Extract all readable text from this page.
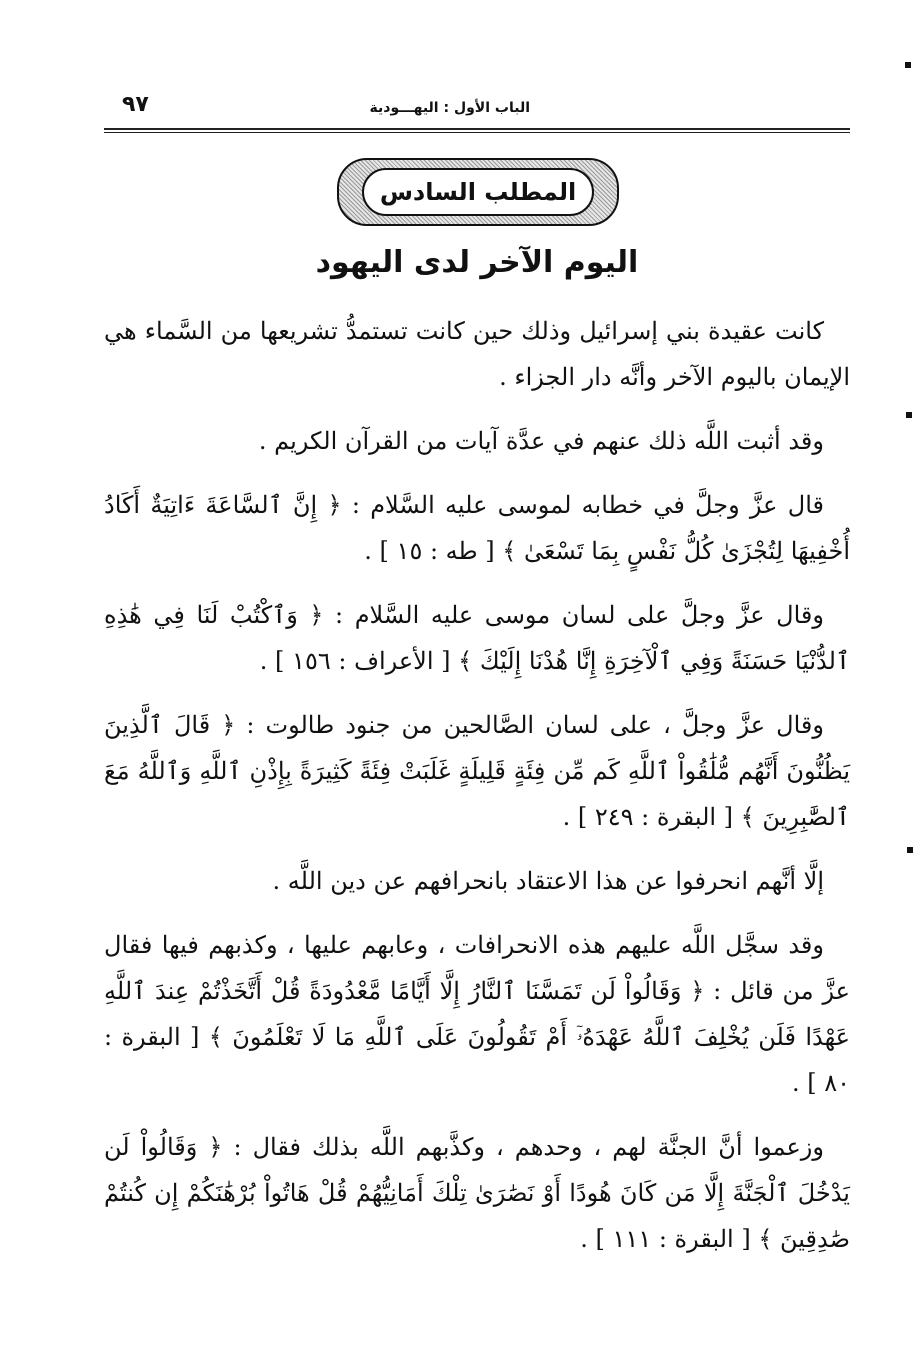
الباب الأول : اليهـــودية
٩٧
المطلب السادس
اليوم الآخر لدى اليهود

كانت عقيدة بني إسرائيل وذلك حين كانت تستمدُّ تشريعها من السَّماء هي الإيمان باليوم الآخر وأنَّه دار الجزاء .

وقد أثبت اللَّه ذلك عنهم في عدَّة آيات من القرآن الكريم .

قال عزَّ وجلَّ في خطابه لموسى عليه السَّلام : ﴿ إِنَّ ٱلسَّاعَةَ ءَاتِيَةٌ أَكَادُ أُخْفِيهَا لِتُجْزَىٰ كُلُّ نَفْسٍ بِمَا تَسْعَىٰ ﴾ [ طه : ١٥ ] .

وقال عزَّ وجلَّ على لسان موسى عليه السَّلام : ﴿ وَٱكْتُبْ لَنَا فِي هَٰذِهِ ٱلدُّنْيَا حَسَنَةً وَفِي ٱلْآخِرَةِ إِنَّا هُدْنَا إِلَيْكَ ﴾ [ الأعراف : ١٥٦ ] .

وقال عزَّ وجلَّ ، على لسان الصَّالحين من جنود طالوت : ﴿ قَالَ ٱلَّذِينَ يَظُنُّونَ أَنَّهُم مُّلَٰقُواْ ٱللَّهِ كَم مِّن فِئَةٍ قَلِيلَةٍ غَلَبَتْ فِئَةً كَثِيرَةً بِإِذْنِ ٱللَّهِ وَٱللَّهُ مَعَ ٱلصَّٰبِرِينَ ﴾ [ البقرة : ٢٤٩ ] .

إلَّا أنَّهم انحرفوا عن هذا الاعتقاد بانحرافهم عن دين اللَّه .

وقد سجَّل اللَّه عليهم هذه الانحرافات ، وعابهم عليها ، وكذبهم فيها فقال عزَّ من قائل : ﴿ وَقَالُواْ لَن تَمَسَّنَا ٱلنَّارُ إِلَّا أَيَّامًا مَّعْدُودَةً قُلْ أَتَّخَذْتُمْ عِندَ ٱللَّهِ عَهْدًا فَلَن يُخْلِفَ ٱللَّهُ عَهْدَهُۥٓ أَمْ تَقُولُونَ عَلَى ٱللَّهِ مَا لَا تَعْلَمُونَ ﴾ [ البقرة : ٨٠ ] .

وزعموا أنَّ الجنَّة لهم ، وحدهم ، وكذَّبهم اللَّه بذلك فقال : ﴿ وَقَالُواْ لَن يَدْخُلَ ٱلْجَنَّةَ إِلَّا مَن كَانَ هُودًا أَوْ نَصَٰرَىٰ تِلْكَ أَمَانِيُّهُمْ قُلْ هَاتُواْ بُرْهَٰنَكُمْ إِن كُنتُمْ صَٰدِقِينَ ﴾ [ البقرة : ١١١ ] .
